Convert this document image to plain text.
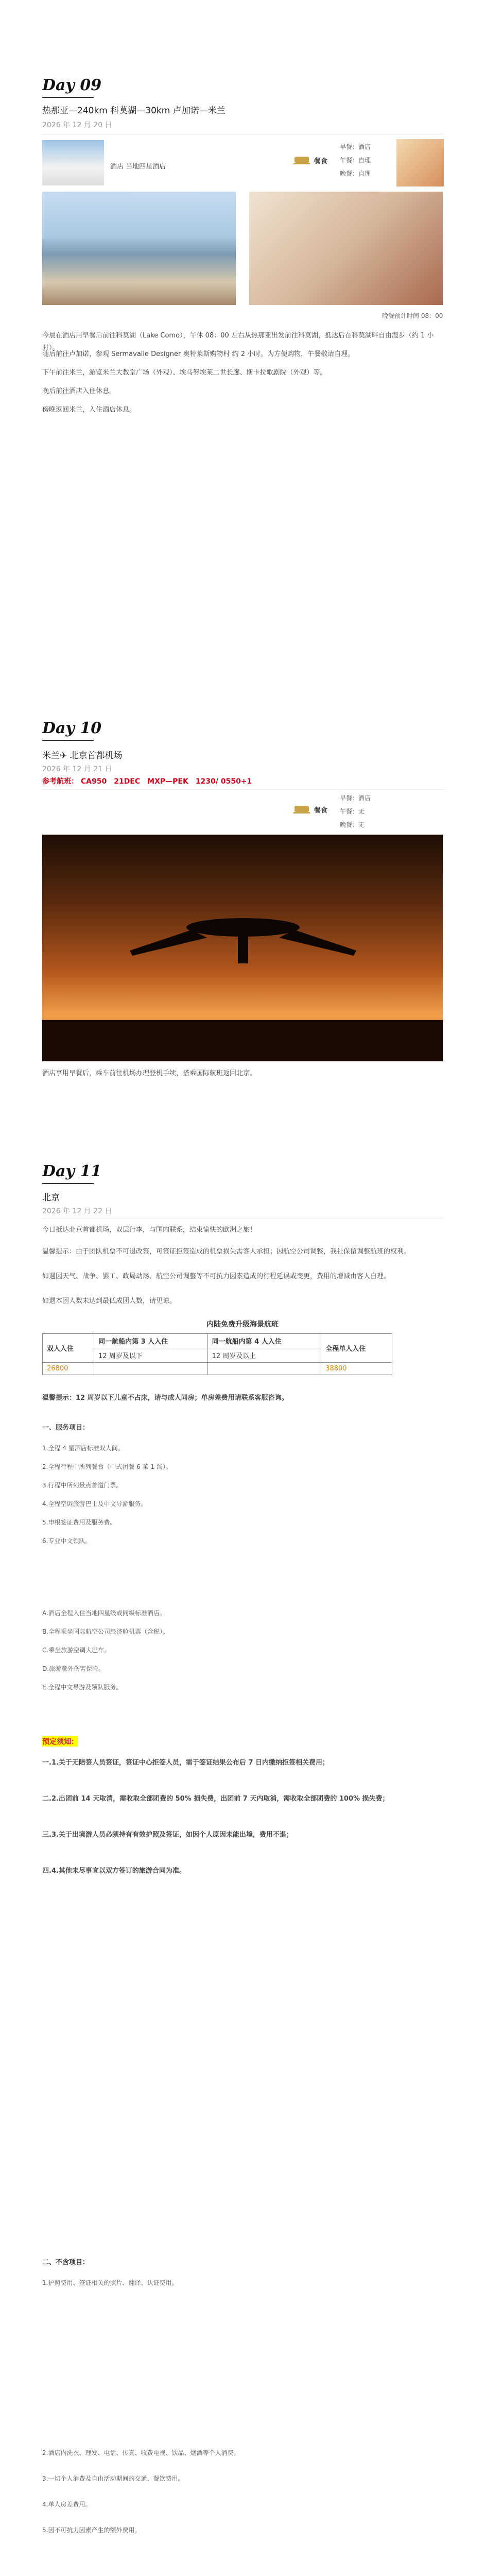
Day 09
热那亚—240km 科莫湖—30km 卢加诺—米兰
2026 年 12 月 20 日
酒店 当地四星酒店
餐食
早餐：酒店
午餐：自理
晚餐：自理
晚餐预计时间 08：00
今晨在酒店用早餐后前往科莫湖（Lake Como），午休 08：00 左右从热那亚出发前往科莫湖，抵达后在科莫湖畔自由漫步（约 1 小时）。
随后前往卢加诺，参观 Sermavalle Designer 奥特莱斯购物村 约 2 小时。为方便购物，午餐敬请自理。
下午前往米兰，游览米兰大教堂广场（外观）、埃马努埃莱二世长廊、斯卡拉歌剧院（外观）等。
晚后前往酒店入住休息。
傍晚返回米兰，入住酒店休息。
Day 10
米兰✈ 北京首都机场
2026 年 12 月 21 日
参考航班： CA950　21DEC　MXP—PEK　1230/ 0550+1
餐食
早餐：酒店
午餐：无
晚餐：无
酒店享用早餐后，乘车前往机场办理登机手续，搭乘国际航班返回北京。
Day 11
北京
2026 年 12 月 22 日
今日抵达北京首都机场，双层行李，与国内联系，结束愉快的欧洲之旅！
温馨提示：由于团队机票不可退改签，可签证拒签造成的机票损失需客人承担；因航空公司调整，我社保留调整航班的权利。
如遇因天气、战争、罢工、政局动荡、航空公司调整等不可抗力因素造成的行程延误或变更，费用的增减由客人自理。
如遇本团人数未达到最低成团人数，请见谅。
内陆免费升级海景航班
双人入住	同一航船内第 3 人入住	同一航船内第 4 人入住	全程单人入住
	12 周岁及以下	12 周岁及以上	
26800			38800
温馨提示：12 周岁以下儿童不占床，请与成人同房；单房差费用请联系客服咨询。
一、服务项目：
1.全程 4 星酒店标准双人间。
2.全程行程中所列餐食（中式团餐 6 菜 1 汤）。
3.行程中所列景点首道门票。
4.全程空调旅游巴士及中文导游服务。
5.申根签证费用及服务费。
6.专业中文领队。
A.酒店全程入住当地四星级或同级标准酒店。
B.全程乘坐国际航空公司经济舱机票（含税）。
C.乘坐旅游空调大巴车。
D.旅游意外伤害保险。
E.全程中文导游及领队服务。
预定须知：
一.1.关于无陪签人员签证，签证中心拒签人员，需于签证结果公布后 7 日内缴纳拒签相关费用；
二.2.出团前 14 天取消，需收取全部团费的 50% 损失费，出团前 7 天内取消，需收取全部团费的 100% 损失费；
三.3.关于出境游人员必须持有有效护照及签证，如因个人原因未能出境，费用不退；
四.4.其他未尽事宜以双方签订的旅游合同为准。
二、不含项目：
1.护照费用、签证相关的照片、翻译、认证费用。
2.酒店内洗衣、理发、电话、传真、收费电视、饮品、烟酒等个人消费。
3.一切个人消费及自由活动期间的交通、餐饮费用。
4.单人房差费用。
5.因不可抗力因素产生的额外费用。
